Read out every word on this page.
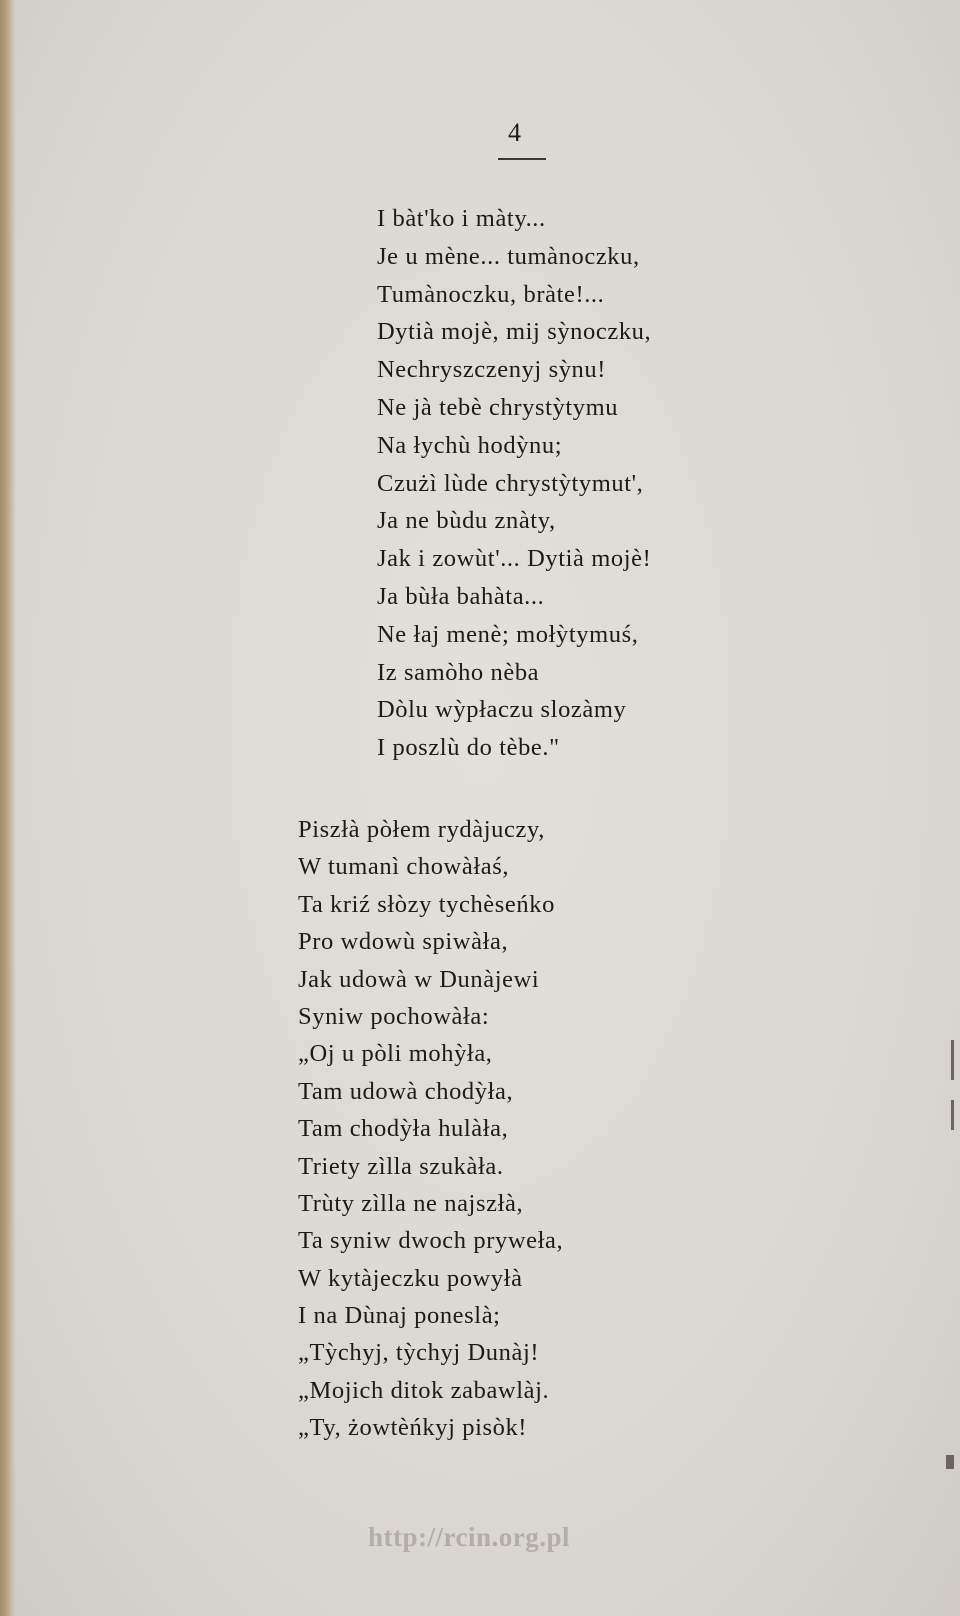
4
I bàt'ko i màty...
Je u mène... tumànoczku,
Tumànoczku, bràte!...
Dytià mojè, mij sỳnoczku,
Nechryszczenyj sỳnu!
Ne jà tebè chrystỳtymu
Na łychù hodỳnu;
Czużì lùde chrystỳtymut',
Ja ne bùdu znàty,
Jak i zowùt'... Dytià mojè!
Ja bùła bahàta...
Ne łaj menè; mołỳtymuś,
Iz samòho nèba
Dòlu wỳpłaczu slozàmy
I poszlù do tèbe."
Piszłà pòłem rydàjuczy,
W tumanì chowàłaś,
Ta kriź słòzy tychèseńko
Pro wdowù spiwàła,
Jak udowà w Dunàjewi
Syniw pochowàła:
„Oj u pòli mohỳła,
Tam udowà chodỳła,
Tam chodỳła hulàła,
Triety zìlla szukàła.
Trùty zìlla ne najszłà,
Ta syniw dwoch pryweła,
W kytàjeczku powyłà
I na Dùnaj poneslà;
„Tỳchyj, tỳchyj Dunàj!
„Mojich ditok zabawlàj.
„Ty, żowtèńkyj pisòk!
http://rcin.org.pl
